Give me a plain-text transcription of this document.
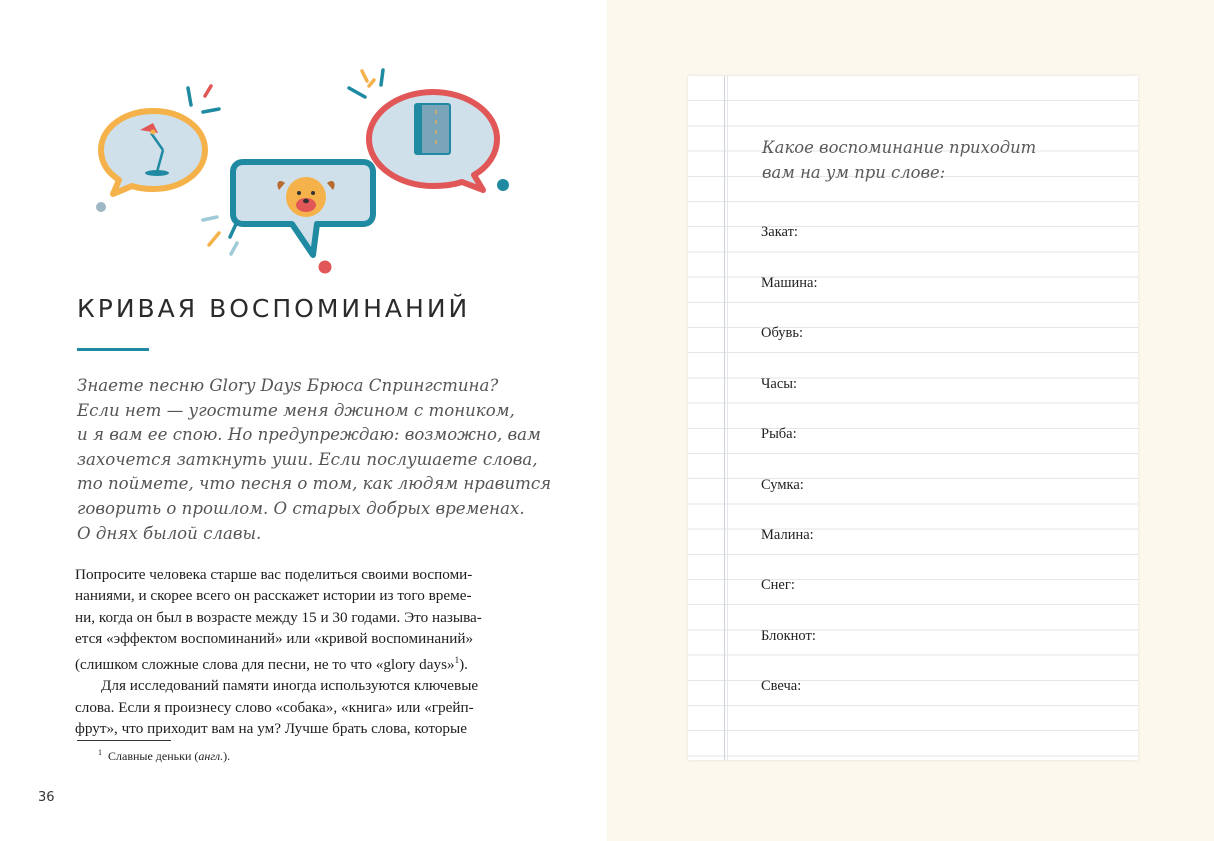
КРИВАЯ ВОСПОМИНАНИЙ

Знаете песню Glory Days Брюса Спрингстина?
Если нет — угостите меня джином с тоником,
и я вам ее спою. Но предупреждаю: возможно, вам
захочется заткнуть уши. Если послушаете слова,
то поймете, что песня о том, как людям нравится
говорить о прошлом. О старых добрых временах.
О днях былой славы.

Попросите человека старше вас поделиться своими воспоми-
наниями, и скорее всего он расскажет истории из того време-
ни, когда он был в возрасте между 15 и 30 годами. Это называ-
ется «эффектом воспоминаний» или «кривой воспоминаний»
(слишком сложные слова для песни, не то что «glory days»$^1$).
Для исследований памяти иногда используются ключевые
слова. Если я произнесу слово «собака», «книга» или «грейп-
фрут», что приходит вам на ум? Лучше брать слова, которые

$^1$ Славные деньки (англ.).

36

Какое воспоминание приходит
вам на ум при слове:

Закат:
Машина:
Обувь:
Часы:
Рыба:
Сумка:
Малина:
Снег:
Блокнот:
Свеча:
